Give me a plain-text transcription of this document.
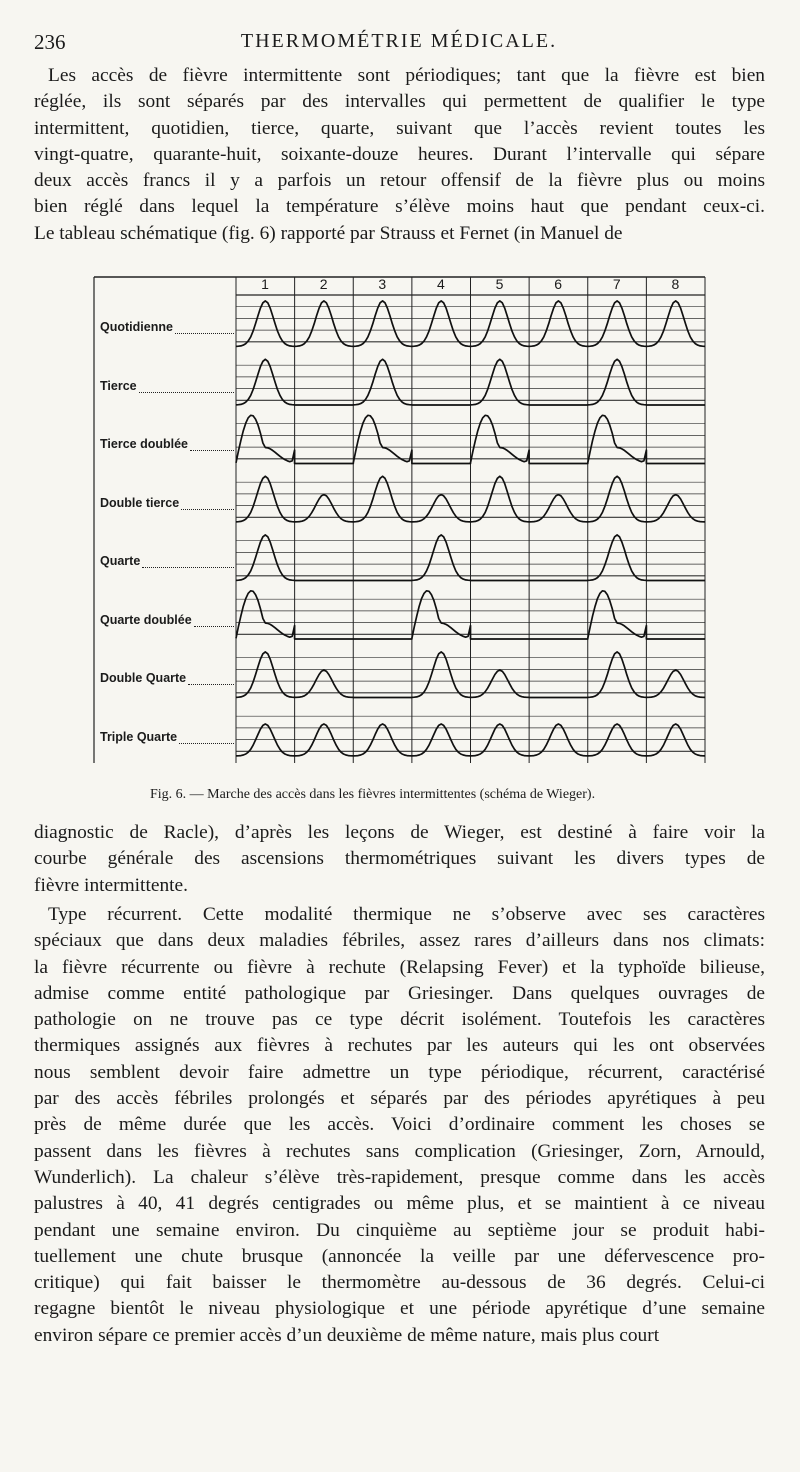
236	THERMOMÉTRIE MÉDICALE.
Les accès de fièvre intermittente sont périodiques; tant que la fièvre est bien
réglée, ils sont séparés par des intervalles qui permettent de qualifier le type
intermittent, quotidien, tierce, quarte, suivant que l’accès revient toutes les
vingt-quatre, quarante-huit, soixante-douze heures. Durant l’intervalle qui sépare
deux accès francs il y a parfois un retour offensif de la fièvre plus ou moins
bien réglé dans lequel la température s’élève moins haut que pendant ceux-ci.
Le tableau schématique (fig. 6) rapporté par Strauss et Fernet (in Manuel de
1	2	3	4	5	6	7	8
Quotidienne
Tierce
Tierce doublée
Double tierce
Quarte
Quarte doublée
Double Quarte
Triple Quarte
Fig. 6. — Marche des accès dans les fièvres intermittentes (schéma de Wieger).
diagnostic de Racle), d’après les leçons de Wieger, est destiné à faire voir la
courbe générale des ascensions thermométriques suivant les divers types de
fièvre intermittente.
Type récurrent. Cette modalité thermique ne s’observe avec ses caractères
spéciaux que dans deux maladies fébriles, assez rares d’ailleurs dans nos climats:
la fièvre récurrente ou fièvre à rechute (Relapsing Fever) et la typhoïde bilieuse,
admise comme entité pathologique par Griesinger. Dans quelques ouvrages de
pathologie on ne trouve pas ce type décrit isolément. Toutefois les caractères
thermiques assignés aux fièvres à rechutes par les auteurs qui les ont observées
nous semblent devoir faire admettre un type périodique, récurrent, caractérisé
par des accès fébriles prolongés et séparés par des périodes apyrétiques à peu
près de même durée que les accès. Voici d’ordinaire comment les choses se
passent dans les fièvres à rechutes sans complication (Griesinger, Zorn, Arnould,
Wunderlich). La chaleur s’élève très-rapidement, presque comme dans les accès
palustres à 40, 41 degrés centigrades ou même plus, et se maintient à ce niveau
pendant une semaine environ. Du cinquième au septième jour se produit habi-
tuellement une chute brusque (annoncée la veille par une défervescence pro-
critique) qui fait baisser le thermomètre au-dessous de 36 degrés. Celui-ci
regagne bientôt le niveau physiologique et une période apyrétique d’une semaine
environ sépare ce premier accès d’un deuxième de même nature, mais plus court
